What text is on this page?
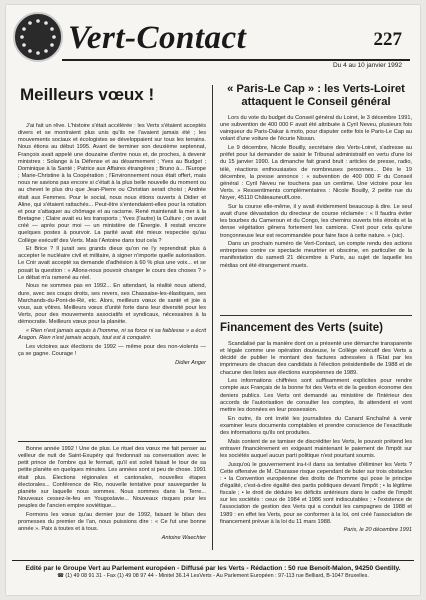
Vert-Contact	227
Du 4 au 10 janvier 1992
Meilleurs vœux !

J'ai fait un rêve. L'histoire s'était accélérée : les Verts s'étaient acceptés divers et se montraient plus unis qu'ils ne l'avaient jamais été ; les mouvements sociaux et écologistes se développaient sur tous les terrains. Nous étions au début 1995. Avant de terminer son deuxième septennat, François avait appelé une douzaine d'entre nous et, de proches, à devenir ministres : Solange à la Défense et au désarmement ; Yves au Budget ; Dominique à la Santé ; Patrice aux Affaires étrangères ; Bruno à... l'Europe ; Marie-Christine à la Coopération ; l'Environnement nous était offert, mais nous ne savions pas encore si c'était à la plus belle nouvelle du moment ou au chevet le plus dru que Jean-Pierre ou Christian serait choisi ; Andrée était aux Femmes. Pour le social, nous nous étions ouverts à Didier et Aline, qui s'étaient rattachés... Peut-être s'entendaient-elles pour la rotation et pour s'attaquer au chômage et au racisme. René maintenait la mer à la Bretagne ; Claire avait eu les transports ; Yves (l'autre) la Culture ; on avait créé — après pour moi — un ministère de l'Énergie. Il restait encore quelques postes à pourvoir. La parité avait été mieux respectée qu'au Collège exécutif des Verts. Mais l'Antoine dans tout cela ?

Et Brice ? Il jurait ses grands dieux qu'on ne l'y reprendrait plus à accepter le nucléaire civil et militaire, à signer n'importe quelle autorisation. Le Cnir avait accepté sa demande d'adhésion à 60 % plus une voix... et se posait la question : « Allons-nous pouvoir changer le cours des choses ? » Le débat m'a ramené au réel.

Nous ne sommes pas en 1992... En attendant, la réalité nous attend, dure, avec ses coups droits, ses revers, ses Chassaise-les-élastiques, ses Marchands-du-Pont-de-Ré, etc. Alors, meilleurs vœux de santé et joie à vous, aux vôtres. Meilleurs vœux d'unité forte dans leur diversité pour les Verts, pour des mouvements associatifs et syndicaux, nécessaires à la démocratie. Meilleurs vœux pour la planète.

« Rien n'est jamais acquis à l'homme, ni sa force ni sa faiblesse » a écrit Aragon. Rien n'est jamais acquis, tout est à conquérir.

Les victoires aux élections de 1992 — même pour des non-violents — ça se gagne. Courage !

Didier Anger

Bonne année 1992 ! Une de plus. Le rituel des vœux me fait penser au veilleur de nuit de Saint-Exupéry qui fredonnait sa conversation avec le petit prince de l'ombre qui le fermait, qu'il est soleil faisait le tour de sa petite planète en quelques minutes. Les années sont si peu de chose. 1991 était plus. Élections régionales et cantonales, nouvelles étapes électorales... Conférence de Rio, nouvelle tentative pour sauvegarder la planète sur laquelle nous sommes. Nous sommes dans la Terre... Nouveaux cessez-le-feu en Yougoslavie... Nouveaux risques pour les peuples de l'ancien empire soviétique...

Formons les vœux qu'au dernier jour de 1992, faisant le bilan des promesses du premier de l'an, nous puissions dire : « Ce fut une bonne année ». Paix à toutes et à tous.

Antoine Waechter
« Paris-Le Cap » : les Verts-Loiret attaquent le Conseil général

Lors du vote du budget du Conseil général du Loiret, le 3 décembre 1991, une subvention de 400 000 F avait été attribuée à Cyril Neveu, plusieurs fois vainqueur du Paris-Dakar à moto, pour disputer cette fois le Paris-Le Cap au volant d'une voiture de l'écurie Nissan.

Le 9 décembre, Nicole Bouilly, secrétaire des Verts-Loiret, s'adresse au préfet pour lui demander de saisir le Tribunal administratif en vertu d'une loi du 15 janvier 1990. La dimanche fait grand bruit : articles de presse, radio, télé, réactions enthousiastes de nombreuses personnes... Dès le 19 décembre, la presse annonce : « subvention de 400 000 F du Conseil général : Cyril Neveu ne touchera pas un centime. Une victoire pour les Verts. » Ressentiments complémentaires : Nicole Bouilly, 2 petite rue du Noyer, 45110 Châteauneuf/Loire.

Sur la course elle-même, il y avait évidemment beaucoup à dire. Le seul avait d'une dévastation du directeur de course réclamée : « Il faudra éviter les bourbes du Cameroun et du Congo, les chemins ouverts très étroits et la dense végétation gênera fortement les camions. C'est pour cela qu'une tronçonneuse leur est recommandée pour faire face à cette nature. » (sic).

Dans un prochain numéro de Vert-Contact, un compte rendu des actions entreprises contre ce spectacle meurtrier et obscène, en particulier de la manifestation du samedi 21 décembre à Paris, au sujet de laquelle les médias ont été étrangement muets.

Financement des Verts (suite)

Scandalisé par la manière dont on a présenté une démarche transparente et légale comme une opération douteuse, le Collège exécutif des Verts a décidé de publier le montant des factures adressées à l'Etat par les imprimeurs de chacun des candidats à l'élection présidentielle de 1988 et de chacune des listes aux élections européennes de 1989.

Les informations chiffrées sont suffisamment explicites pour rendre compte aux Français de la bonne foi des Verts et de la gestion économe des deniers publics. Les Verts ont demandé au ministère de l'Intérieur des accords de l'autorisation de consulter les comptes, ils attendent et vont mettre les données en leur possession.

En outre, ils ont invité les journalistes du Canard Enchaîné à venir examiner leurs documents comptables et prendre conscience de l'exactitude des informations qu'ils ont produites.

Mais content de se tamiser de discréditer les Verts, le pouvoir prétend les entraver financièrement en exigeant maintenant le paiement de l'impôt sur les sociétés auquel aucun parti politique n'est pourtant soumis.

Jusqu'où le gouvernement ira-t-il dans sa tentative d'éliminer les Verts ? Cette offensive de M. Charasse risque cependant de buter sur trois obstacles : • la Convention européenne des droits de l'homme qui pose le principe d'égalité, c'est-à-dire égalité des partis politiques devant l'impôt ; • la légitime fiscale ; • le droit de déduire les déficits antérieurs dans le cadre de l'impôt sur les sociétés : ceux de 1984 et 1986 sont indiscutables ; • l'existence de l'association de gestion des Verts qui a conduit les campagnes de 1988 et 1989 : en effet les Verts, pour se conformer à la loi, ont créé l'association de financement prévue à la loi du 11 mars 1988.

Paris, le 20 décembre 1991
Edité par le Groupe Vert au Parlement européen - Diffusé par les Verts - Rédaction : 50 rue Benoît-Malon, 94250 Gentilly.
☎ (1) 49 08 91 31 - Fax (1) 49 08 97 44 - Minitel 36.14 LesVerts - Au Parlement Européen : 97-113 rue Belliard, B-1047 Bruxelles.
